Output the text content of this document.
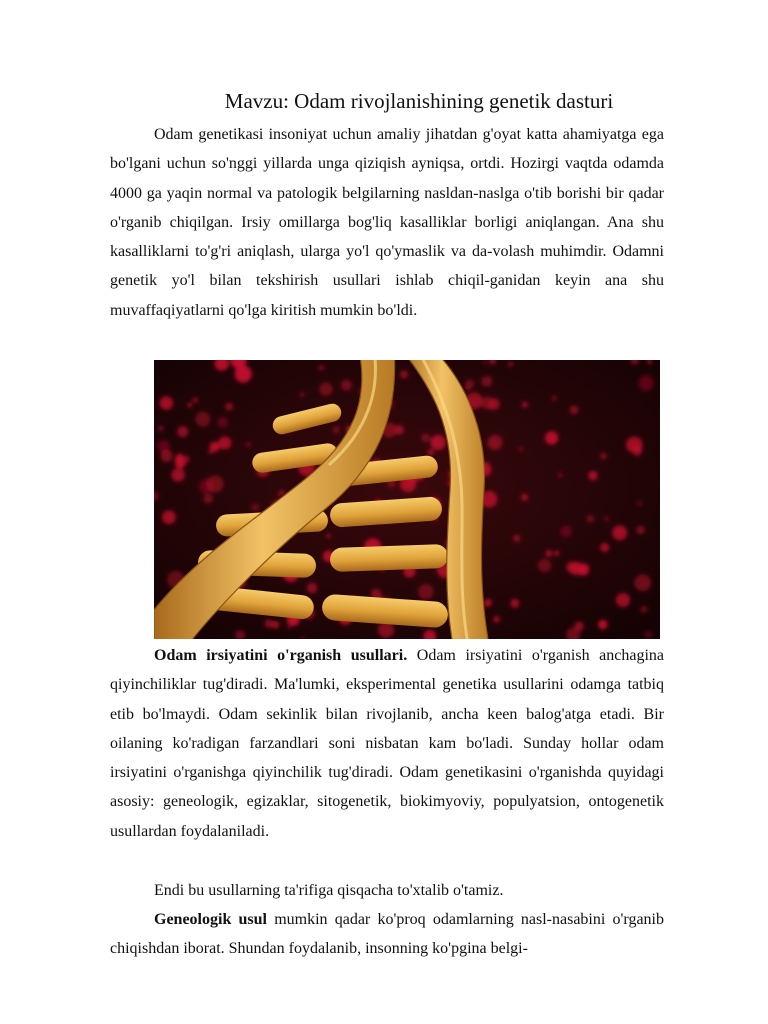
Mavzu: Odam rivojlanishining genetik dasturi

Odam genetikasi insoniyat uchun amaliy jihatdan g'oyat katta ahamiyatga ega bo'lgani uchun so'nggi yillarda unga qiziqish ayniqsa, ortdi. Hozirgi vaqtda odamda 4000 ga yaqin normal va patologik belgilarning nasldan-naslga o'tib borishi bir qadar o'rganib chiqilgan. Irsiy omillarga bog'liq kasalliklar borligi aniqlangan. Ana shu kasalliklarni to'g'ri aniqlash, ularga yo'l qo'ymaslik va da-volash muhimdir. Odamni genetik yo'l bilan tekshirish usullari ishlab chiqil-ganidan keyin ana shu muvaffaqiyatlarni qo'lga kiritish mumkin bo'ldi.

Odam irsiyatini o'rganish usullari. Odam irsiyatini o'rganish anchagina qiyinchiliklar tug'diradi. Ma'lumki, eksperimental genetika usullarini odamga tatbiq etib bo'lmaydi. Odam sekinlik bilan rivojlanib, ancha keen balog'atga etadi. Bir oilaning ko'radigan farzandlari soni nisbatan kam bo'ladi. Sunday hollar odam irsiyatini o'rganishga qiyinchilik tug'diradi. Odam genetikasini o'rganishda quyidagi asosiy: geneologik, egizaklar, sitogenetik, biokimyoviy, populyatsion, ontogenetik usullardan foydalaniladi.

Endi bu usullarning ta'rifiga qisqacha to'xtalib o'tamiz.

Geneologik usul mumkin qadar ko'proq odamlarning nasl-nasabini o'rganib chiqishdan iborat. Shundan foydalanib, insonning ko'pgina belgi-
